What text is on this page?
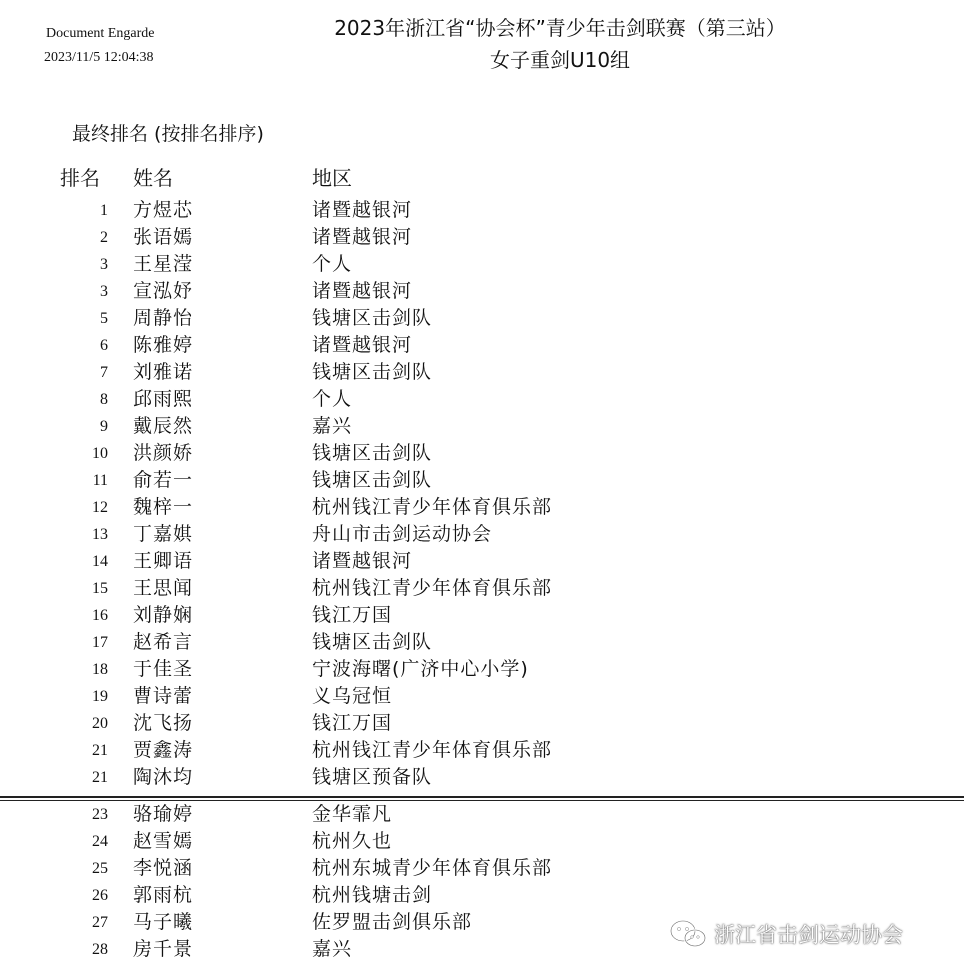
Document Engarde
2023/11/5 12:04:38
2023年浙江省“协会杯”青少年击剑联赛（第三站）
女子重剑U10组
最终排名 (按排名排序)
排名 姓名	地区
1 方煜芯	诸暨越银河
2 张语嫣	诸暨越银河
3 王星滢	个人
3 宣泓妤	诸暨越银河
5 周静怡	钱塘区击剑队
6 陈雅婷	诸暨越银河
7 刘雅诺	钱塘区击剑队
8 邱雨熙	个人
9 戴辰然	嘉兴
10 洪颜娇	钱塘区击剑队
11 俞若一	钱塘区击剑队
12 魏梓一	杭州钱江青少年体育俱乐部
13 丁嘉娸	舟山市击剑运动协会
14 王卿语	诸暨越银河
15 王思闻	杭州钱江青少年体育俱乐部
16 刘静娴	钱江万国
17 赵希言	钱塘区击剑队
18 于佳圣	宁波海曙(广济中心小学)
19 曹诗蕾	义乌冠恒
20 沈飞扬	钱江万国
21 贾鑫涛	杭州钱江青少年体育俱乐部
21 陶沐均	钱塘区预备队
23 骆瑜婷	金华霏凡
24 赵雪嫣	杭州久也
25 李悦涵	杭州东城青少年体育俱乐部
26 郭雨杭	杭州钱塘击剑
27 马子曦	佐罗盟击剑俱乐部
28 房千景	嘉兴
浙江省击剑运动协会
